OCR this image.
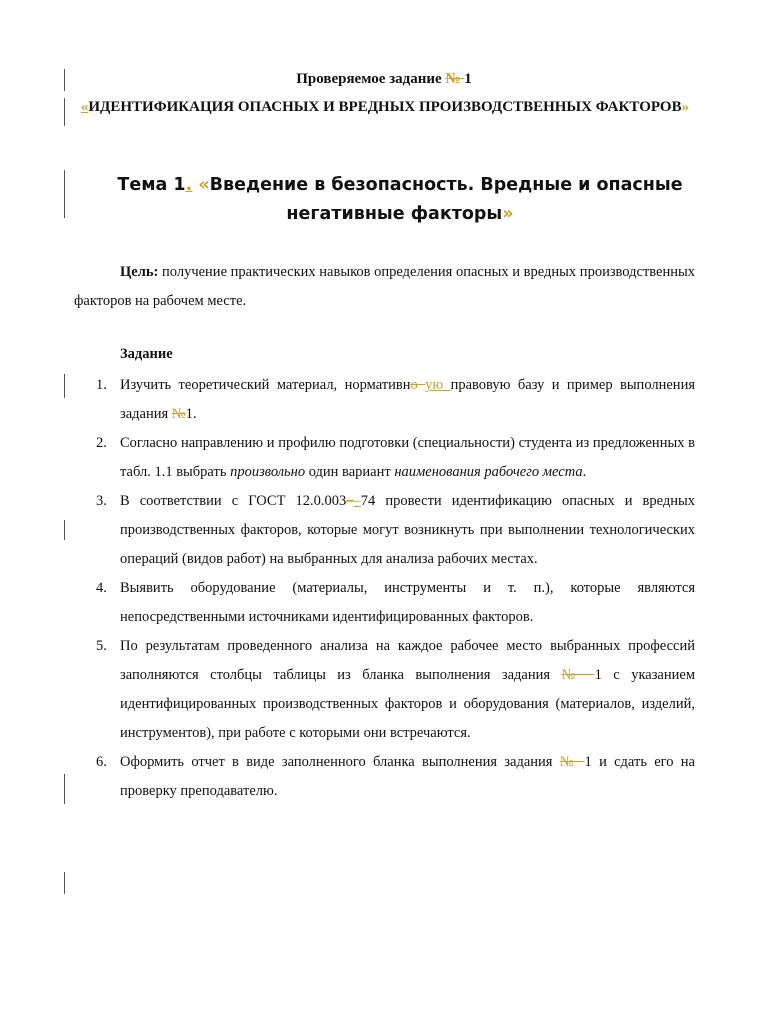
Проверяемое задание № 1
«ИДЕНТИФИКАЦИЯ ОПАСНЫХ И ВРЕДНЫХ ПРОИЗВОДСТВЕННЫХ ФАКТОРОВ»
Тема 1. «Введение в безопасность. Вредные и опасные
негативные факторы»
Цель: получение практических навыков определения опасных и вредных производственных факторов на рабочем месте.
Задание
1. Изучить теоретический материал, нормативно ую правовую базу и пример выполнения задания №1.
2. Согласно направлению и профилю подготовки (специальности) студента из предложенных в табл. 1.1 выбрать произвольно один вариант наименования рабочего места.
3. В соответствии с ГОСТ 12.0.003––74 провести идентификацию опасных и вредных производственных факторов, которые могут возникнуть при выполнении технологических операций (видов работ) на выбранных для анализа рабочих местах.
4. Выявить оборудование (материалы, инструменты и т. п.), которые являются непосредственными источниками идентифицированных факторов.
5. По результатам проведенного анализа на каждое рабочее место выбранных профессий заполняются столбцы таблицы из бланка выполнения задания № 1 с указанием идентифицированных производственных факторов и оборудования (материалов, изделий, инструментов), при работе с которыми они встречаются.
6. Оформить отчет в виде заполненного бланка выполнения задания № 1 и сдать его на проверку преподавателю.
